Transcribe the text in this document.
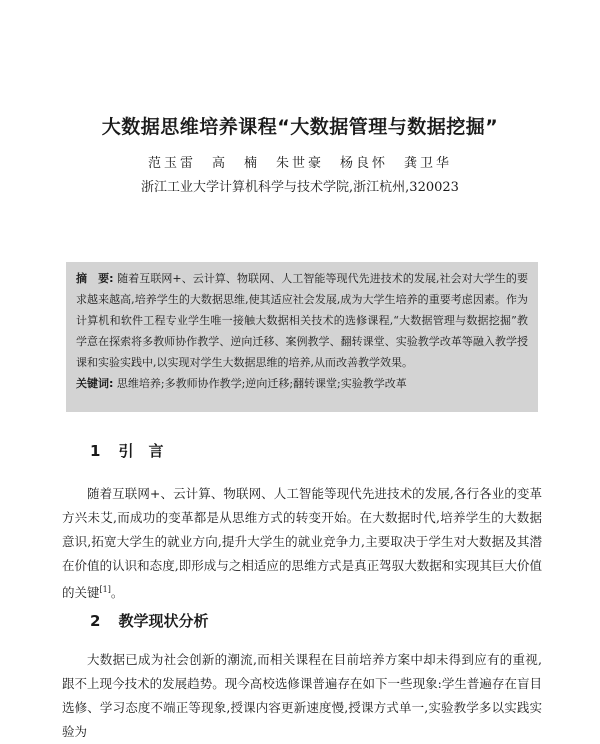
大数据思维培养课程“大数据管理与数据挖掘”
范玉雷　高　楠　朱世豪　杨良怀　龚卫华
浙江工业大学计算机科学与技术学院,浙江杭州,320023

摘　要: 随着互联网+、云计算、物联网、人工智能等现代先进技术的发展,社会对大学生的要求越来越高,培养学生的大数据思维,使其适应社会发展,成为大学生培养的重要考虑因素。作为计算机和软件工程专业学生唯一接触大数据相关技术的选修课程,“大数据管理与数据挖掘”教学意在探索将多教师协作教学、逆向迁移、案例教学、翻转课堂、实验教学改革等融入教学授课和实验实践中,以实现对学生大数据思维的培养,从而改善教学效果。

关键词: 思维培养;多教师协作教学;逆向迁移;翻转课堂;实验教学改革

1 引　言

随着互联网+、云计算、物联网、人工智能等现代先进技术的发展,各行各业的变革方兴未艾,而成功的变革都是从思维方式的转变开始。在大数据时代,培养学生的大数据意识,拓宽大学生的就业方向,提升大学生的就业竞争力,主要取决于学生对大数据及其潜在价值的认识和态度,即形成与之相适应的思维方式是真正驾驭大数据和实现其巨大价值的关键[1]。

2 教学现状分析

大数据已成为社会创新的潮流,而相关课程在目前培养方案中却未得到应有的重视,跟不上现今技术的发展趋势。现今高校选修课普遍存在如下一些现象:学生普遍存在盲目选修、学习态度不端正等现象,授课内容更新速度慢,授课方式单一,实验教学多以实践实验为
